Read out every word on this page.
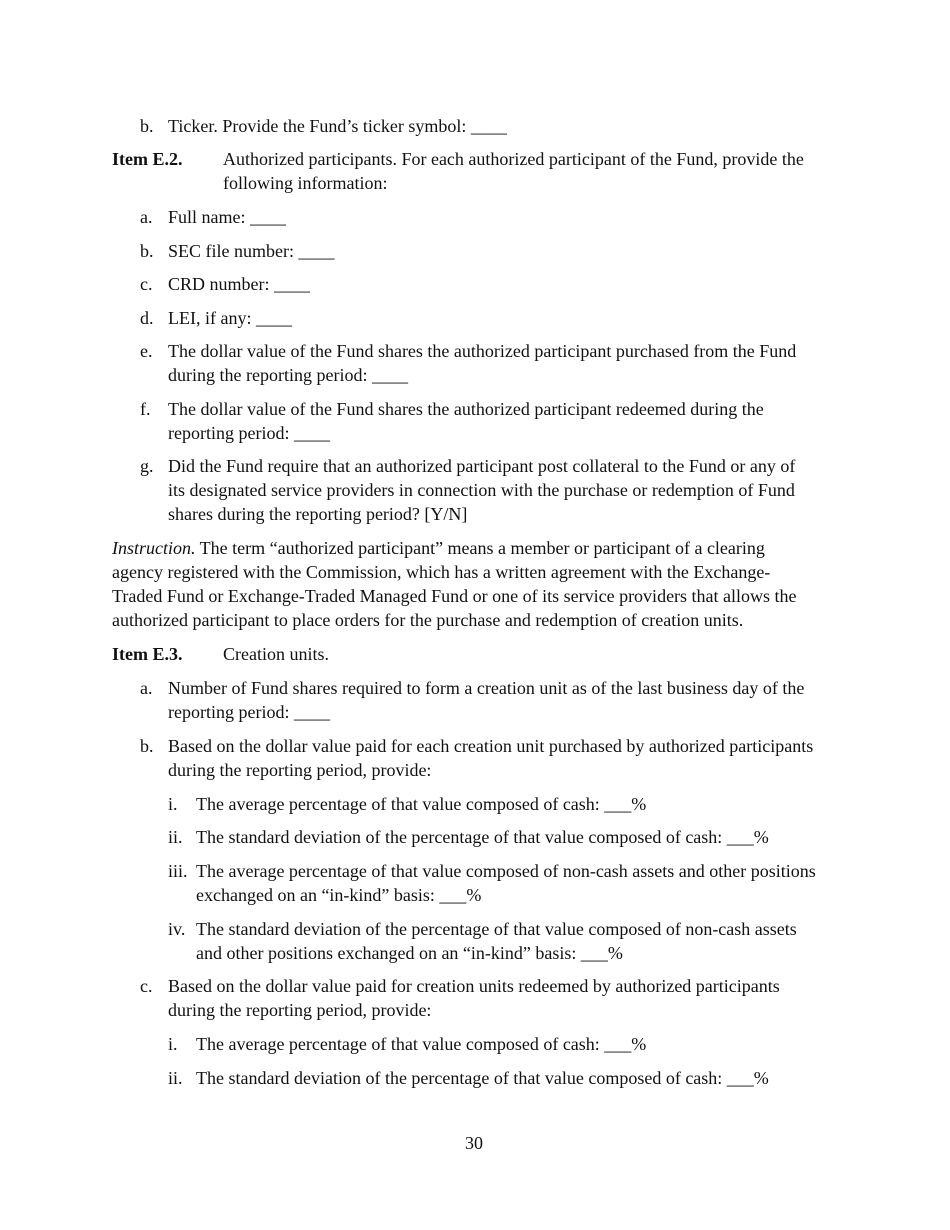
b. Ticker. Provide the Fund’s ticker symbol: ____
Item E.2. Authorized participants. For each authorized participant of the Fund, provide the
following information:
a. Full name: ____
b. SEC file number: ____
c. CRD number: ____
d. LEI, if any: ____
e. The dollar value of the Fund shares the authorized participant purchased from the Fund
during the reporting period: ____
f. The dollar value of the Fund shares the authorized participant redeemed during the
reporting period: ____
g. Did the Fund require that an authorized participant post collateral to the Fund or any of
its designated service providers in connection with the purchase or redemption of Fund
shares during the reporting period? [Y/N]
Instruction. The term “authorized participant” means a member or participant of a clearing
agency registered with the Commission, which has a written agreement with the Exchange-
Traded Fund or Exchange-Traded Managed Fund or one of its service providers that allows the
authorized participant to place orders for the purchase and redemption of creation units.
Item E.3. Creation units.
a. Number of Fund shares required to form a creation unit as of the last business day of the
reporting period: ____
b. Based on the dollar value paid for each creation unit purchased by authorized participants
during the reporting period, provide:
i. The average percentage of that value composed of cash: ___%
ii. The standard deviation of the percentage of that value composed of cash: ___%
iii. The average percentage of that value composed of non-cash assets and other positions
exchanged on an “in-kind” basis: ___%
iv. The standard deviation of the percentage of that value composed of non-cash assets
and other positions exchanged on an “in-kind” basis: ___%
c. Based on the dollar value paid for creation units redeemed by authorized participants
during the reporting period, provide:
i. The average percentage of that value composed of cash: ___%
ii. The standard deviation of the percentage of that value composed of cash: ___%
30
